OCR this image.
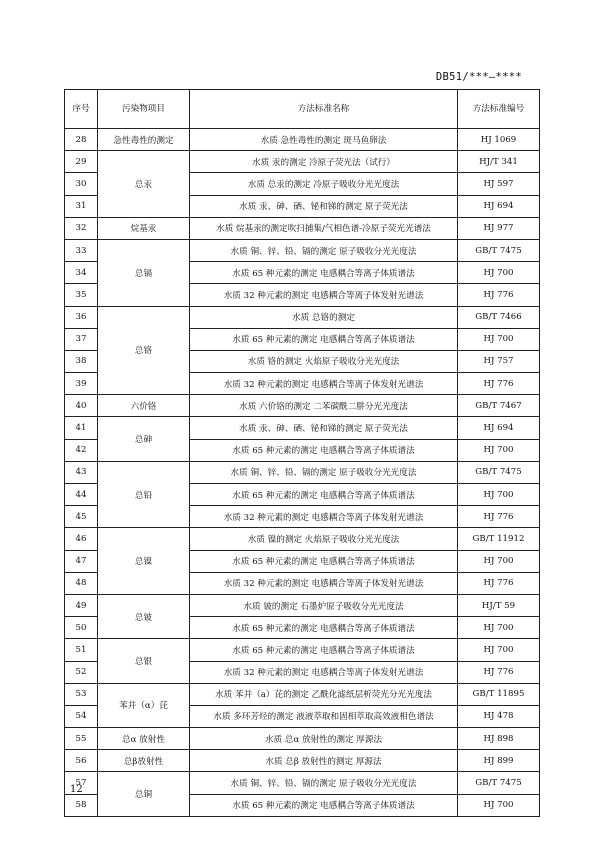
DB51/***—****
序号	污染物项目	方法标准名称	方法标准编号
28	急性毒性的测定	水质 急性毒性的测定 斑马鱼卵法	HJ 1069
29	总汞	水质 汞的测定 冷原子荧光法（试行）	HJ/T 341
30		水质 总汞的测定 冷原子吸收分光光度法	HJ 597
31		水质 汞、砷、硒、铋和锑的测定 原子荧光法	HJ 694
32	烷基汞	水质 烷基汞的测定吹扫捕集/气相色谱-冷原子荧光光谱法	HJ 977
33	总镉	水质 铜、锌、铅、镉的测定 原子吸收分光光度法	GB/T 7475
34		水质 65 种元素的测定 电感耦合等离子体质谱法	HJ 700
35		水质 32 种元素的测定 电感耦合等离子体发射光谱法	HJ 776
36	总铬	水质 总铬的测定	GB/T 7466
37		水质 65 种元素的测定 电感耦合等离子体质谱法	HJ 700
38		水质 铬的测定 火焰原子吸收分光光度法	HJ 757
39		水质 32 种元素的测定 电感耦合等离子体发射光谱法	HJ 776
40	六价铬	水质 六价铬的测定 二苯碳酰二肼分光光度法	GB/T 7467
41	总砷	水质 汞、砷、硒、铋和锑的测定 原子荧光法	HJ 694
42		水质 65 种元素的测定 电感耦合等离子体质谱法	HJ 700
43	总铅	水质 铜、锌、铅、镉的测定 原子吸收分光光度法	GB/T 7475
44		水质 65 种元素的测定 电感耦合等离子体质谱法	HJ 700
45		水质 32 种元素的测定 电感耦合等离子体发射光谱法	HJ 776
46	总镍	水质 镍的测定 火焰原子吸收分光光度法	GB/T 11912
47		水质 65 种元素的测定 电感耦合等离子体质谱法	HJ 700
48		水质 32 种元素的测定 电感耦合等离子体发射光谱法	HJ 776
49	总铍	水质 铍的测定 石墨炉原子吸收分光光度法	HJ/T 59
50		水质 65 种元素的测定 电感耦合等离子体质谱法	HJ 700
51	总银	水质 65 种元素的测定 电感耦合等离子体质谱法	HJ 700
52		水质 32 种元素的测定 电感耦合等离子体发射光谱法	HJ 776
53	苯并（α）芘	水质 苯并（a）芘的测定 乙酰化滤纸层析荧光分光光度法	GB/T 11895
54		水质 多环芳烃的测定 液液萃取和固相萃取高效液相色谱法	HJ 478
55	总α 放射性	水质 总α 放射性的测定 厚源法	HJ 898
56	总β放射性	水质 总β 放射性的测定 厚源法	HJ 899
57	总铜	水质 铜、锌、铅、镉的测定 原子吸收分光光度法	GB/T 7475
58		水质 65 种元素的测定 电感耦合等离子体质谱法	HJ 700
12
